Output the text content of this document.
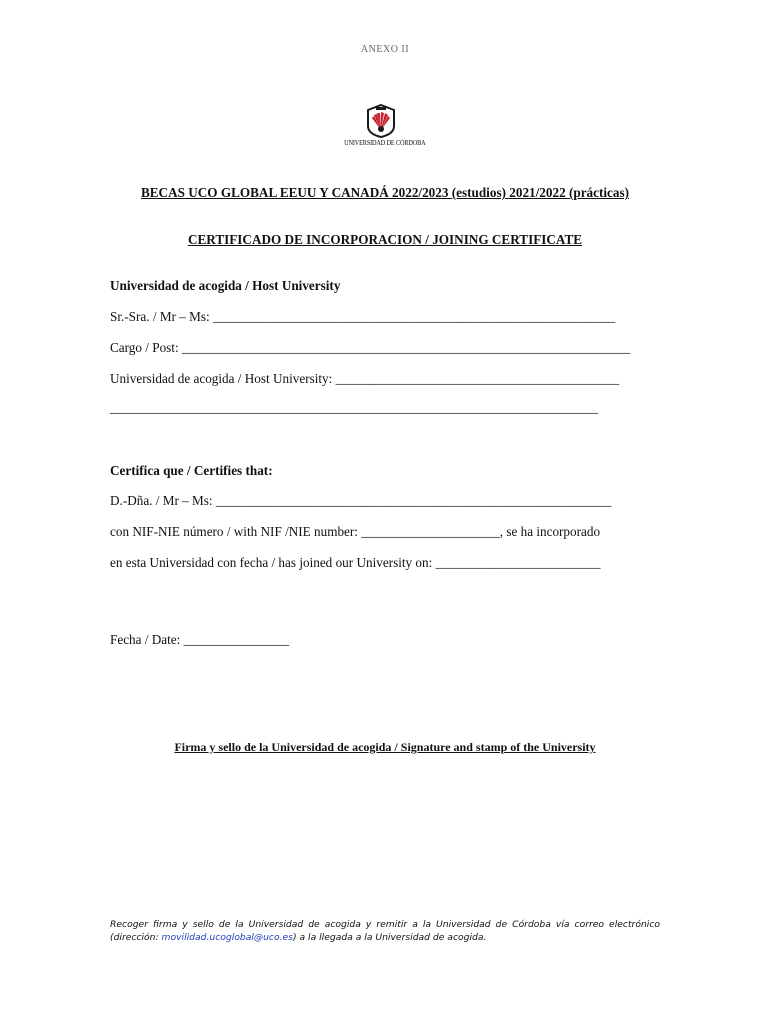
ANEXO II
UNIVERSIDAD DE CÓRDOBA
BECAS UCO GLOBAL EEUU Y CANADÁ 2022/2023 (estudios) 2021/2022 (prácticas)
CERTIFICADO DE INCORPORACION / JOINING CERTIFICATE
Universidad de acogida / Host University
Sr.-Sra. / Mr – Ms: _____________________________________________________________
Cargo / Post: ____________________________________________________________________
Universidad de acogida / Host University: ___________________________________________
__________________________________________________________________________
Certifica que / Certifies that:
D.-Dña. / Mr – Ms: ____________________________________________________________
con NIF-NIE número / with NIF /NIE number: _____________________, se ha incorporado
en esta Universidad con fecha / has joined our University on: _________________________
Fecha / Date: ________________
Firma y sello de la Universidad de acogida / Signature and stamp of the University
Recoger firma y sello de la Universidad de acogida y remitir a la Universidad de Córdoba vía correo electrónico (dirección: movilidad.ucoglobal@uco.es) a la llegada a la Universidad de acogida.
